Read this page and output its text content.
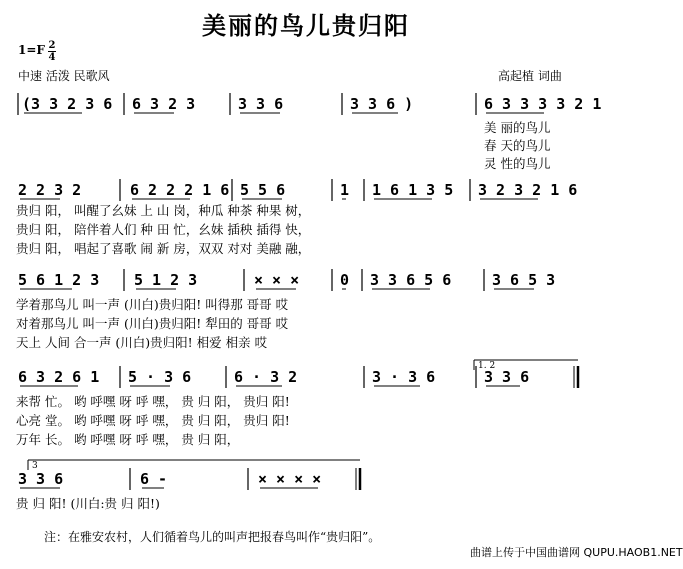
美丽的鸟儿贵归阳
1=F 2
4
中速 活泼 民歌风	高起植 词曲
(3 3 2 3 6 6 3 2 3	3 3 6	3 3 6 )	6 3 3 3 3 2 1
美 丽的鸟儿
春 天的鸟儿
灵 性的鸟儿
2 2 3 2	6 2 2 2 1 6 5 5 6	1 1 6 1 3 5 3 2 3 2 1 6
贵归 阳， 叫醒了幺妹 上 山 岗，种瓜 种茶 种果 树，
贵归 阳， 陪伴着人们 种 田 忙，幺妹 插秧 插得 快，
贵归 阳， 唱起了喜歌 闹 新 房，双双 对对 美融 融，
5 6 1 2 3 5 1 2 3	× × ×	0 3 3 6 5 6	3 6 5 3
学着那鸟儿 叫一声 (川白)贵归阳! 叫得那 哥哥 哎
对着那鸟儿 叫一声 (川白)贵归阳! 犁田的 哥哥 哎
天上 人间 合一声 (川白)贵归阳! 相爱 相亲 哎
6 3 2 6 1 5 · 3 6	6 · 3 2	3 · 3 6	3 3 6
1. 2
来帮 忙。 哟 呼嘿 呀 呼 嘿， 贵 归 阳， 贵归 阳!
心亮 堂。 哟 呼嘿 呀 呼 嘿， 贵 归 阳， 贵归 阳!
万年 长。 哟 呼嘿 呀 呼 嘿， 贵 归 阳，
3 3 6	6 -	× × × ×
3
贵 归 阳! (川白:贵 归 阳!)
注：在雅安农村，人们循着鸟儿的叫声把报春鸟叫作“贵归阳”。
曲谱上传于中国曲谱网 QUPU.HAOB1.NET
